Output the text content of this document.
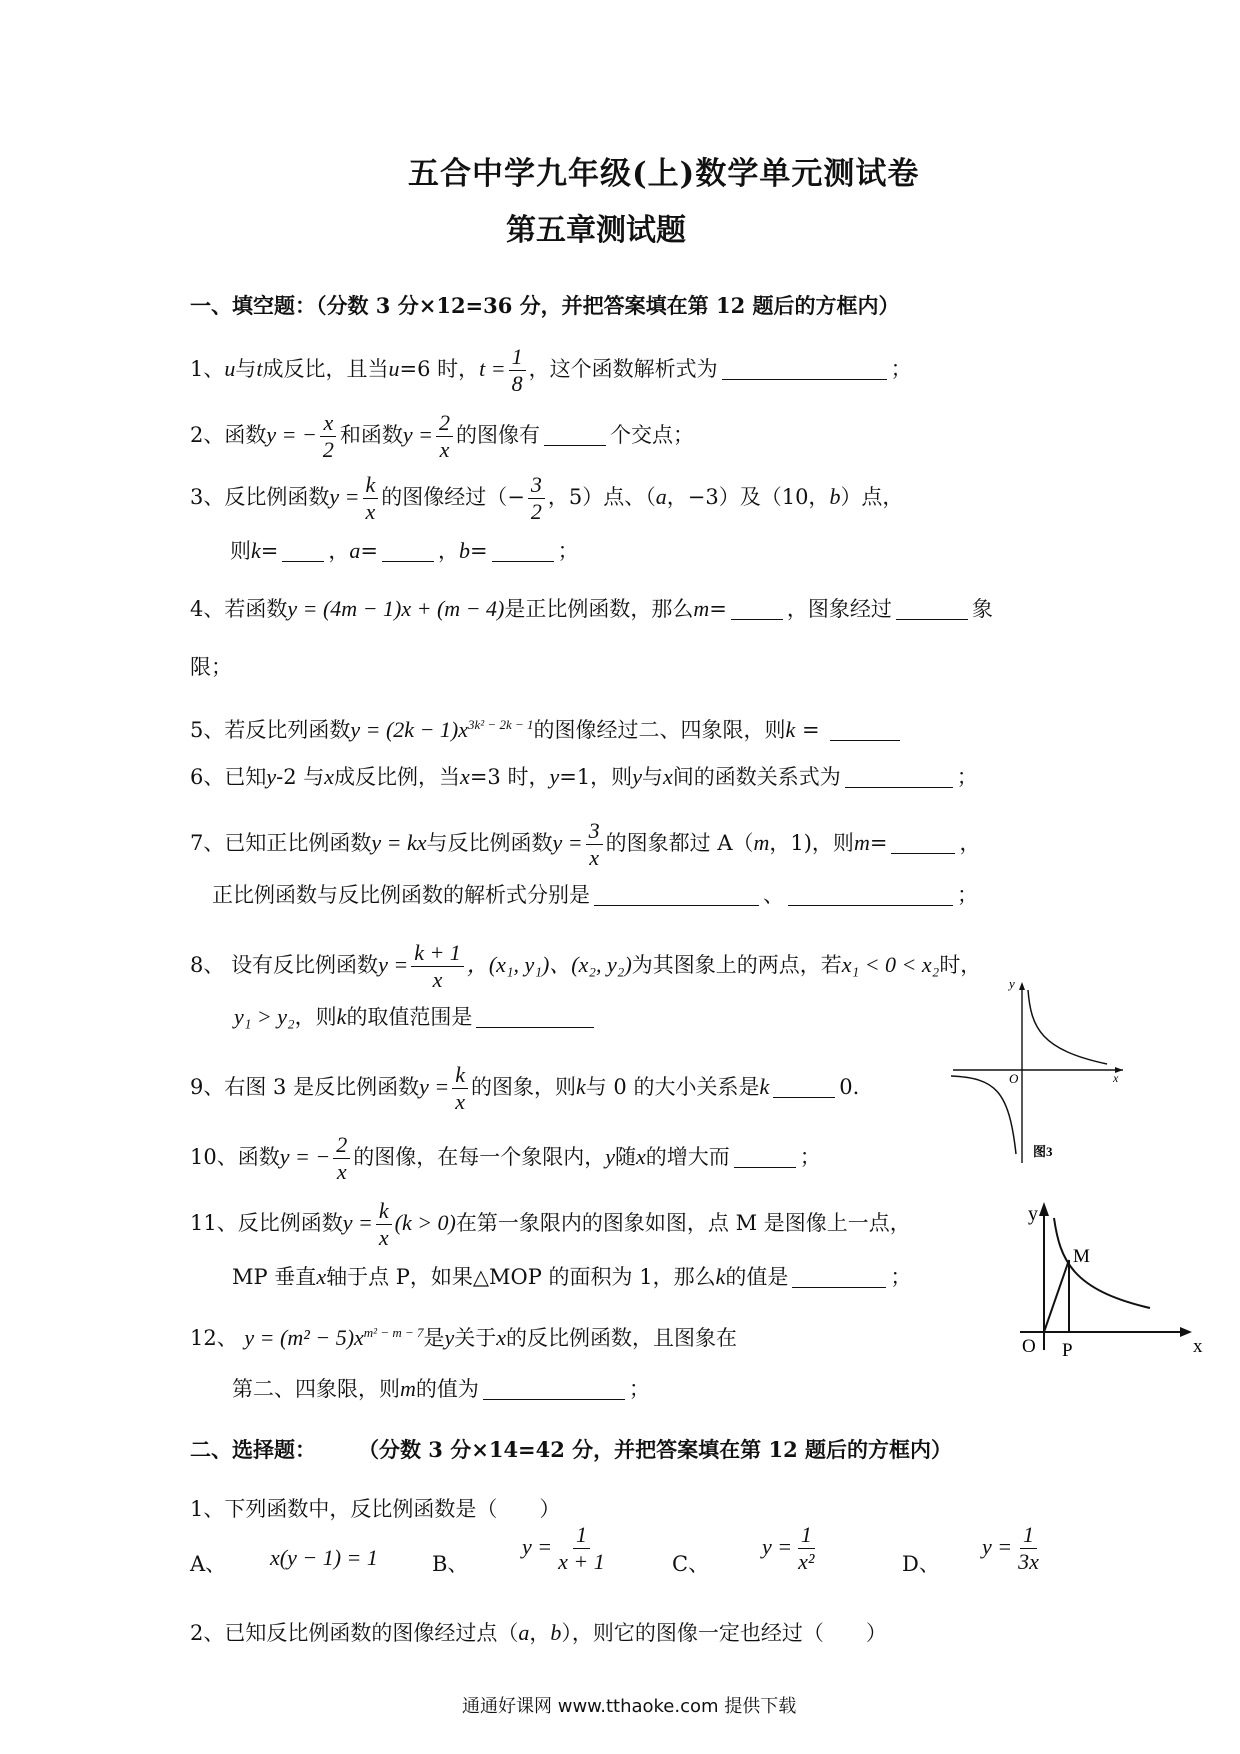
五合中学九年级(上)数学单元测试卷
第五章测试题
一、填空题：（分数 3 分×12=36 分，并把答案填在第 12 题后的方框内）
1、u与t成反比，且当u=6 时，$t = \frac{1}{8}$ ，这个函数解析式为	；
2、函数y = − $\frac{x}{2}$ 和函数$y = \frac{2}{x}$ 的图像有	个交点；
3、反比例函数$y = \frac{k}{x}$ 的图像经过（− $\frac{3}{2}$ ，5）点、（a，−3）及（10，b）点，
则k= ，a=	，b=	；
4、若函数y = (4m − 1)x + (m − 4)是正比例函数，那么m=	，图象经过	象
限；
5、若反比列函数$y = (2k - 1)x^{3k^2 - 2k - 1}$的图像经过二、四象限，则k =
6、已知y-2 与x成反比例，当x=3 时，y=1，则y与x间的函数关系式为	；
7、已知正比例函数y = kx与反比例函数$y = \frac{3}{x}$ 的图象都过 A（m，1)，则m=	，
正比例函数与反比例函数的解析式分别是	、	；
8、 设有反比例函数$y = \frac{k + 1}{x}$ ，(x₁, y₁)、(x₂, y₂)为其图象上的两点，若x₁ < 0 < x₂时，
y₁ > y₂，则k的取值范围是
9、右图 3 是反比例函数$y = \frac{k}{x}$ 的图象，则k与 0 的大小关系是k	0.
10、函数y = − $\frac{2}{x}$ 的图像，在每一个象限内，y随x的增大而	；
11、反比例函数$y = \frac{k}{x} (k > 0)$在第一象限内的图象如图，点 M 是图像上一点，
MP 垂直x轴于点 P，如果△MOP 的面积为 1，那么k的值是	；
12、 $y = (m^2 - 5)x^{m^2 - m - 7}$是y关于x的反比例函数，且图象在
第二、四象限，则m的值为	；
y
O	x
图3
y
M
O P	x
二、选择题： （分数 3 分×14=42 分，并把答案填在第 12 题后的方框内）
1、下列函数中，反比例函数是（　　）
A、 x(y − 1) = 1	B、
$y = \frac{1}{x + 1}$	C、
$y = \frac{1}{\text{x²}}$	D、
$y = \frac{1}{3x}$
2、已知反比例函数的图像经过点（a，b），则它的图像一定也经过（　　）
通通好课网 www.tthaoke.com 提供下载
